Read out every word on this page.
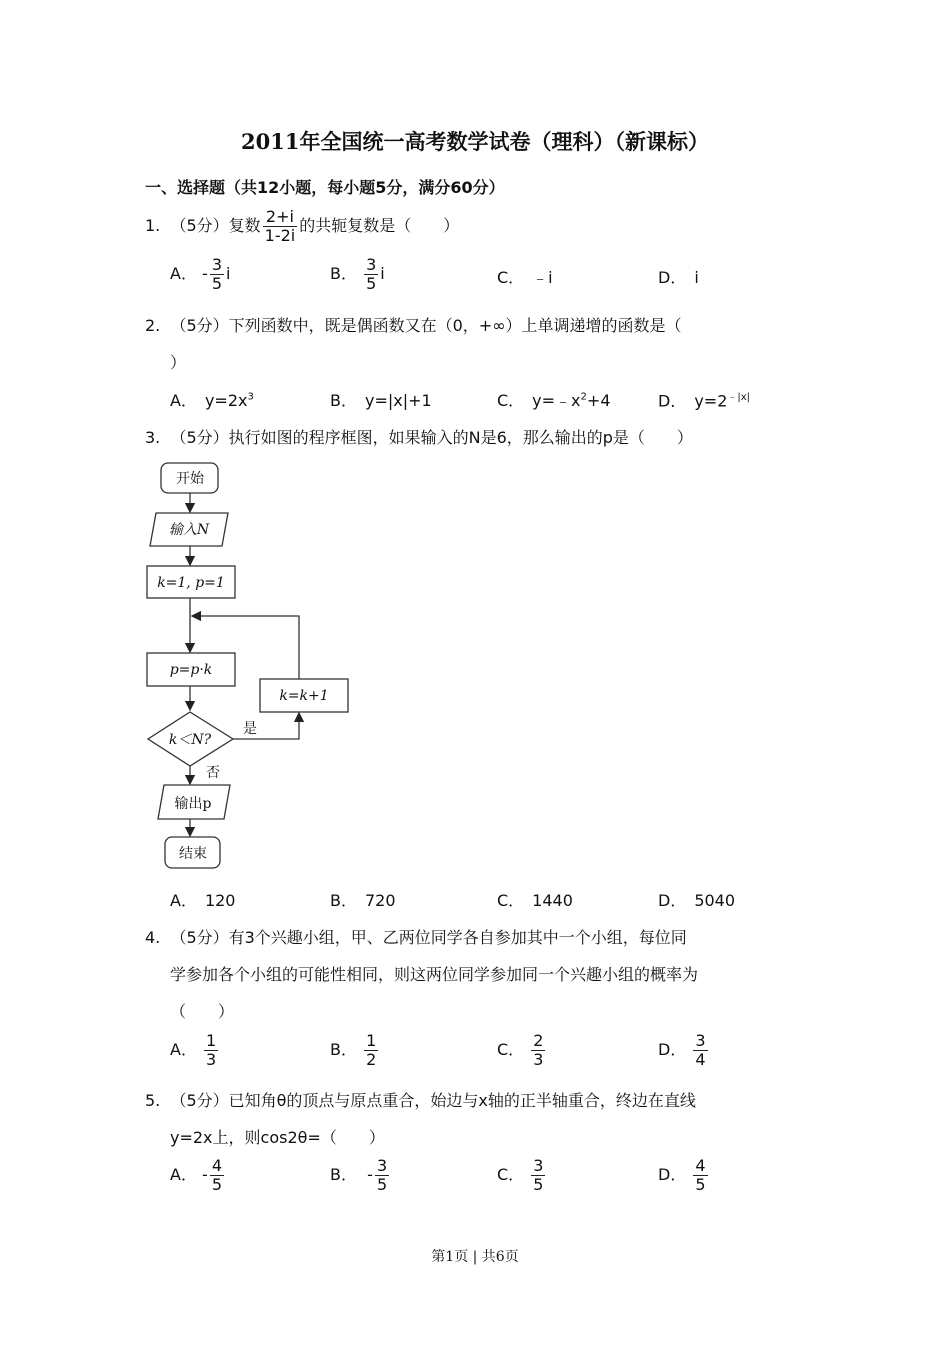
2011年全国统一高考数学试卷（理科）（新课标）
一、选择题（共12小题，每小题5分，满分60分）
1. （5分）复数 $\frac{2+i}{1-2i}$ 的共轭复数是（　　）
A． - $\frac{3}{5}$ i	B． $\frac{3}{5}$ i	C．　﹣i	D．　i
2. （5分）下列函数中，既是偶函数又在（0，+∞）上单调递增的函数是（
）
A．　$y=2x^3$	B．　y=|x|+1	C．　$y=﹣x^2+4$	D．　$y=2^{﹣|x|}$
3. （5分）执行如图的程序框图，如果输入的N是6，那么输出的p是（　　）
开始
输入N
k=1, p=1
p=p·k
k=k+1
k＜N?
是
否
输出p
结束
A．　120	B．　720	C．　1440	D．　5040
4. （5分）有3个兴趣小组，甲、乙两位同学各自参加其中一个小组，每位同
学参加各个小组的可能性相同，则这两位同学参加同一个兴趣小组的概率为
（　　）
A． $\frac{1}{3}$	B． $\frac{1}{2}$	C． $\frac{2}{3}$	D． $\frac{3}{4}$
5. （5分）已知角θ的顶点与原点重合，始边与x轴的正半轴重合，终边在直线
y=2x上，则cos2θ=（　　）
A． - $\frac{4}{5}$	B． - $\frac{3}{5}$	C． $\frac{3}{5}$	D． $\frac{4}{5}$
第1页 | 共6页
